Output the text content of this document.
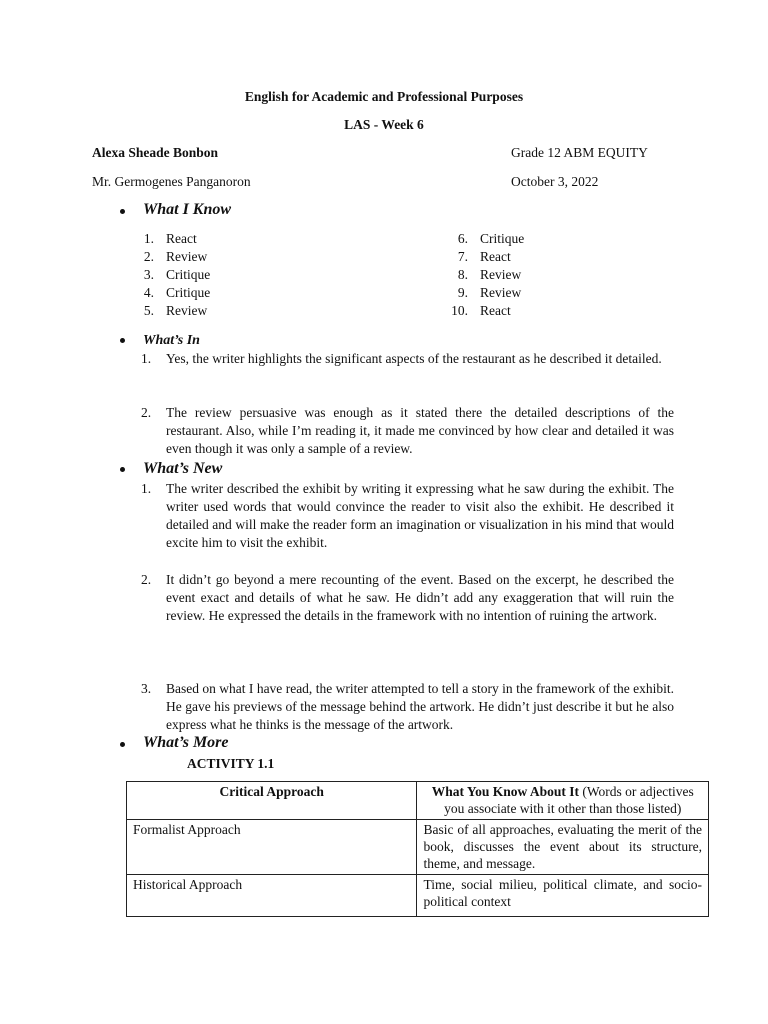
English for Academic and Professional Purposes
LAS - Week 6
Alexa Sheade Bonbon	Grade 12 ABM EQUITY
Mr. Germogenes Panganoron	October 3, 2022
What I Know
1. React
2. Review
3. Critique
4. Critique
5. Review
6. Critique
7. React
8. Review
9. Review
10. React
What’s In
1. Yes, the writer highlights the significant aspects of the restaurant as he described it detailed.
2. The review persuasive was enough as it stated there the detailed descriptions of the restaurant. Also, while I’m reading it, it made me convinced by how clear and detailed it was even though it was only a sample of a review.
What’s New
1. The writer described the exhibit by writing it expressing what he saw during the exhibit. The writer used words that would convince the reader to visit also the exhibit. He described it detailed and will make the reader form an imagination or visualization in his mind that would excite him to visit the exhibit.
2. It didn’t go beyond a mere recounting of the event. Based on the excerpt, he described the event exact and details of what he saw. He didn’t add any exaggeration that will ruin the review. He expressed the details in the framework with no intention of ruining the artwork.
3. Based on what I have read, the writer attempted to tell a story in the framework of the exhibit. He gave his previews of the message behind the artwork. He didn’t just describe it but he also express what he thinks is the message of the artwork.
What’s More
ACTIVITY 1.1
Critical Approach	What You Know About It (Words or adjectives you associate with it other than those listed)
Formalist Approach	Basic of all approaches, evaluating the merit of the book, discusses the event about its structure, theme, and message.
Historical Approach	Time, social milieu, political climate, and socio-political context
